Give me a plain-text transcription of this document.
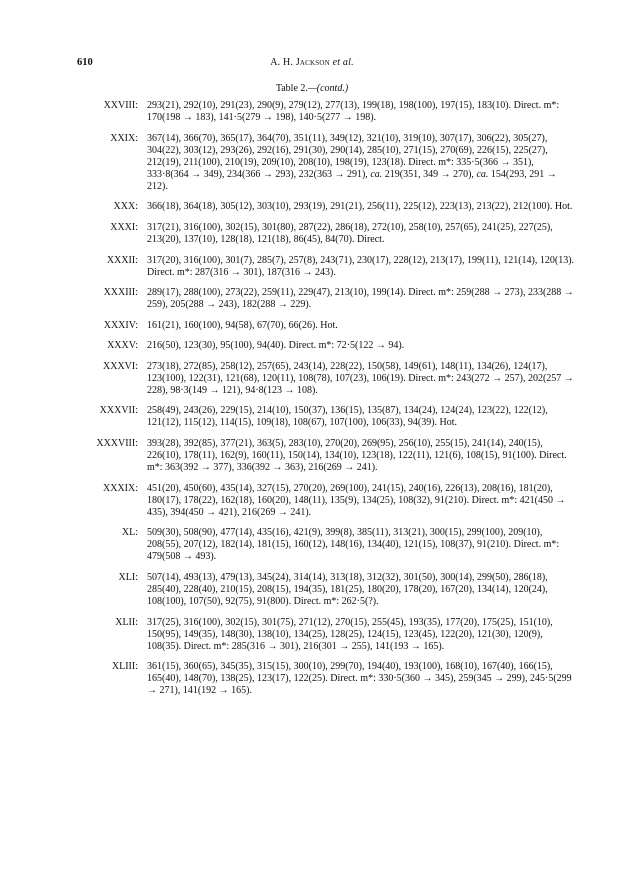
610	A. H. Jackson et al.
Table 2.—(contd.)
XXVIII: 293(21), 292(10), 291(23), 290(9), 279(12), 277(13), 199(18), 198(100), 197(15), 183(10). Direct. m*: 170(198 → 183), 141·5(279 → 198), 140·5(277 → 198).
XXIX: 367(14), 366(70), 365(17), 364(70), 351(11), 349(12), 321(10), 319(10), 307(17), 306(22), 305(27), 304(22), 303(12), 293(26), 292(16), 291(30), 290(14), 285(10), 271(15), 270(69), 226(15), 225(27), 212(19), 211(100), 210(19), 209(10), 208(10), 198(19), 123(18). Direct. m*: 335·5(366 → 351), 333·8(364 → 349), 234(366 → 293), 232(363 → 291), ca. 219(351, 349 → 270), ca. 154(293, 291 → 212).
XXX: 366(18), 364(18), 305(12), 303(10), 293(19), 291(21), 256(11), 225(12), 223(13), 213(22), 212(100). Hot.
XXXI: 317(21), 316(100), 302(15), 301(80), 287(22), 286(18), 272(10), 258(10), 257(65), 241(25), 227(25), 213(20), 137(10), 128(18), 121(18), 86(45), 84(70). Direct.
XXXII: 317(20), 316(100), 301(7), 285(7), 257(8), 243(71), 230(17), 228(12), 213(17), 199(11), 121(14), 120(13). Direct. m*: 287(316 → 301), 187(316 → 243).
XXXIII: 289(17), 288(100), 273(22), 259(11), 229(47), 213(10), 199(14). Direct. m*: 259(288 → 273), 233(288 → 259), 205(288 → 243), 182(288 → 229).
XXXIV: 161(21), 160(100), 94(58), 67(70), 66(26). Hot.
XXXV: 216(50), 123(30), 95(100), 94(40). Direct. m*: 72·5(122 → 94).
XXXVI: 273(18), 272(85), 258(12), 257(65), 243(14), 228(22), 150(58), 149(61), 148(11), 134(26), 124(17), 123(100), 122(31), 121(68), 120(11), 108(78), 107(23), 106(19). Direct. m*: 243(272 → 257), 202(257 → 228), 98·3(149 → 121), 94·8(123 → 108).
XXXVII: 258(49), 243(26), 229(15), 214(10), 150(37), 136(15), 135(87), 134(24), 124(24), 123(22), 122(12), 121(12), 115(12), 114(15), 109(18), 108(67), 107(100), 106(33), 94(39). Hot.
XXXVIII: 393(28), 392(85), 377(21), 363(5), 283(10), 270(20), 269(95), 256(10), 255(15), 241(14), 240(15), 226(10), 178(11), 162(9), 160(11), 150(14), 134(10), 123(18), 122(11), 121(6), 108(15), 91(100). Direct. m*: 363(392 → 377), 336(392 → 363), 216(269 → 241).
XXXIX: 451(20), 450(60), 435(14), 327(15), 270(20), 269(100), 241(15), 240(16), 226(13), 208(16), 181(20), 180(17), 178(22), 162(18), 160(20), 148(11), 135(9), 134(25), 108(32), 91(210). Direct. m*: 421(450 → 435), 394(450 → 421), 216(269 → 241).
XL: 509(30), 508(90), 477(14), 435(16), 421(9), 399(8), 385(11), 313(21), 300(15), 299(100), 209(10), 208(55), 207(12), 182(14), 181(15), 160(12), 148(16), 134(40), 121(15), 108(37), 91(210). Direct. m*: 479(508 → 493).
XLI: 507(14), 493(13), 479(13), 345(24), 314(14), 313(18), 312(32), 301(50), 300(14), 299(50), 286(18), 285(40), 228(40), 210(15), 208(15), 194(35), 181(25), 180(20), 178(20), 167(20), 134(14), 120(24), 108(100), 107(50), 92(75), 91(800). Direct. m*: 262·5(?).
XLII: 317(25), 316(100), 302(15), 301(75), 271(12), 270(15), 255(45), 193(35), 177(20), 175(25), 151(10), 150(95), 149(35), 148(30), 138(10), 134(25), 128(25), 124(15), 123(45), 122(20), 121(30), 120(9), 108(35). Direct. m*: 285(316 → 301), 216(301 → 255), 141(193 → 165).
XLIII: 361(15), 360(65), 345(35), 315(15), 300(10), 299(70), 194(40), 193(100), 168(10), 167(40), 166(15), 165(40), 148(70), 138(25), 123(17), 122(25). Direct. m*: 330·5(360 → 345), 259(345 → 299), 245·5(299 → 271), 141(192 → 165).
